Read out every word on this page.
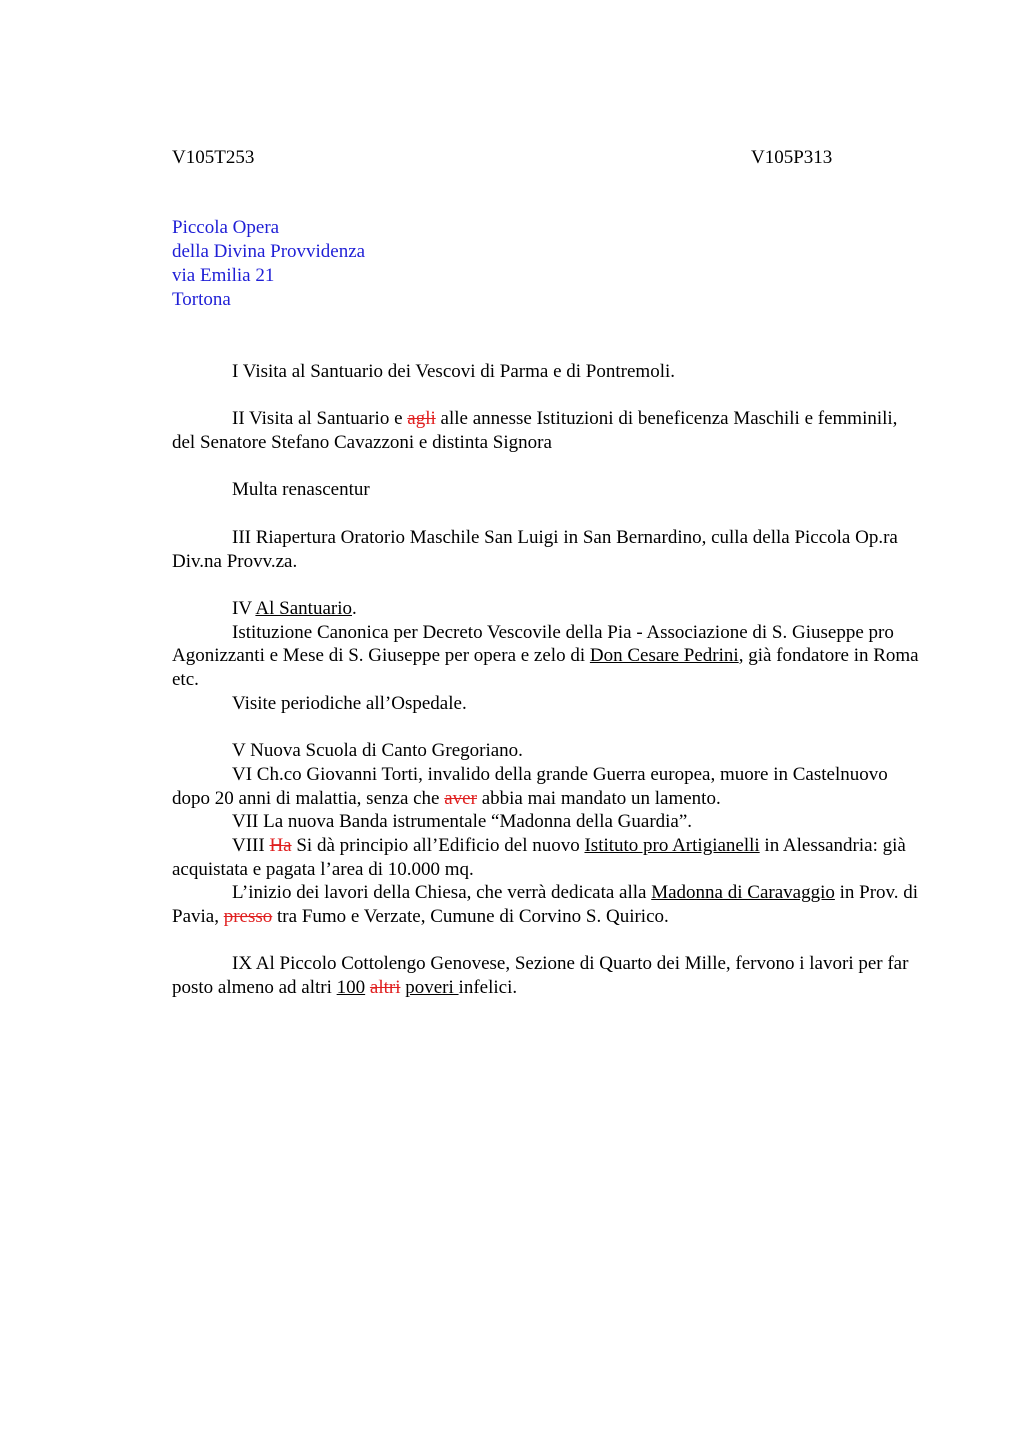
V105T253	V105P313
Piccola Opera
della Divina Provvidenza
via Emilia 21
Tortona

I Visita al Santuario dei Vescovi di Parma e di Pontremoli.

II Visita al Santuario e agli alle annesse Istituzioni di beneficenza Maschili e femminili, del Senatore Stefano Cavazzoni e distinta Signora

Multa renascentur

III Riapertura Oratorio Maschile San Luigi in San Bernardino, culla della Piccola Op.ra Div.na Provv.za.

IV Al Santuario.

Istituzione Canonica per Decreto Vescovile della Pia - Associazione di S. Giuseppe pro Agonizzanti e Mese di S. Giuseppe per opera e zelo di Don Cesare Pedrini, già fondatore in Roma etc.

Visite periodiche all’Ospedale.

V Nuova Scuola di Canto Gregoriano.

VI Ch.co Giovanni Torti, invalido della grande Guerra europea, muore in Castelnuovo dopo 20 anni di malattia, senza che aver abbia mai mandato un lamento.

VII La nuova Banda istrumentale “Madonna della Guardia”.

VIII Ha Si dà principio all’Edificio del nuovo Istituto pro Artigianelli in Alessandria: già acquistata e pagata l’area di 10.000 mq.

L’inizio dei lavori della Chiesa, che verrà dedicata alla Madonna di Caravaggio in Prov. di Pavia, presso tra Fumo e Verzate, Cumune di Corvino S. Quirico.

IX Al Piccolo Cottolengo Genovese, Sezione di Quarto dei Mille, fervono i lavori per far posto almeno ad altri 100 altri poveri infelici.
